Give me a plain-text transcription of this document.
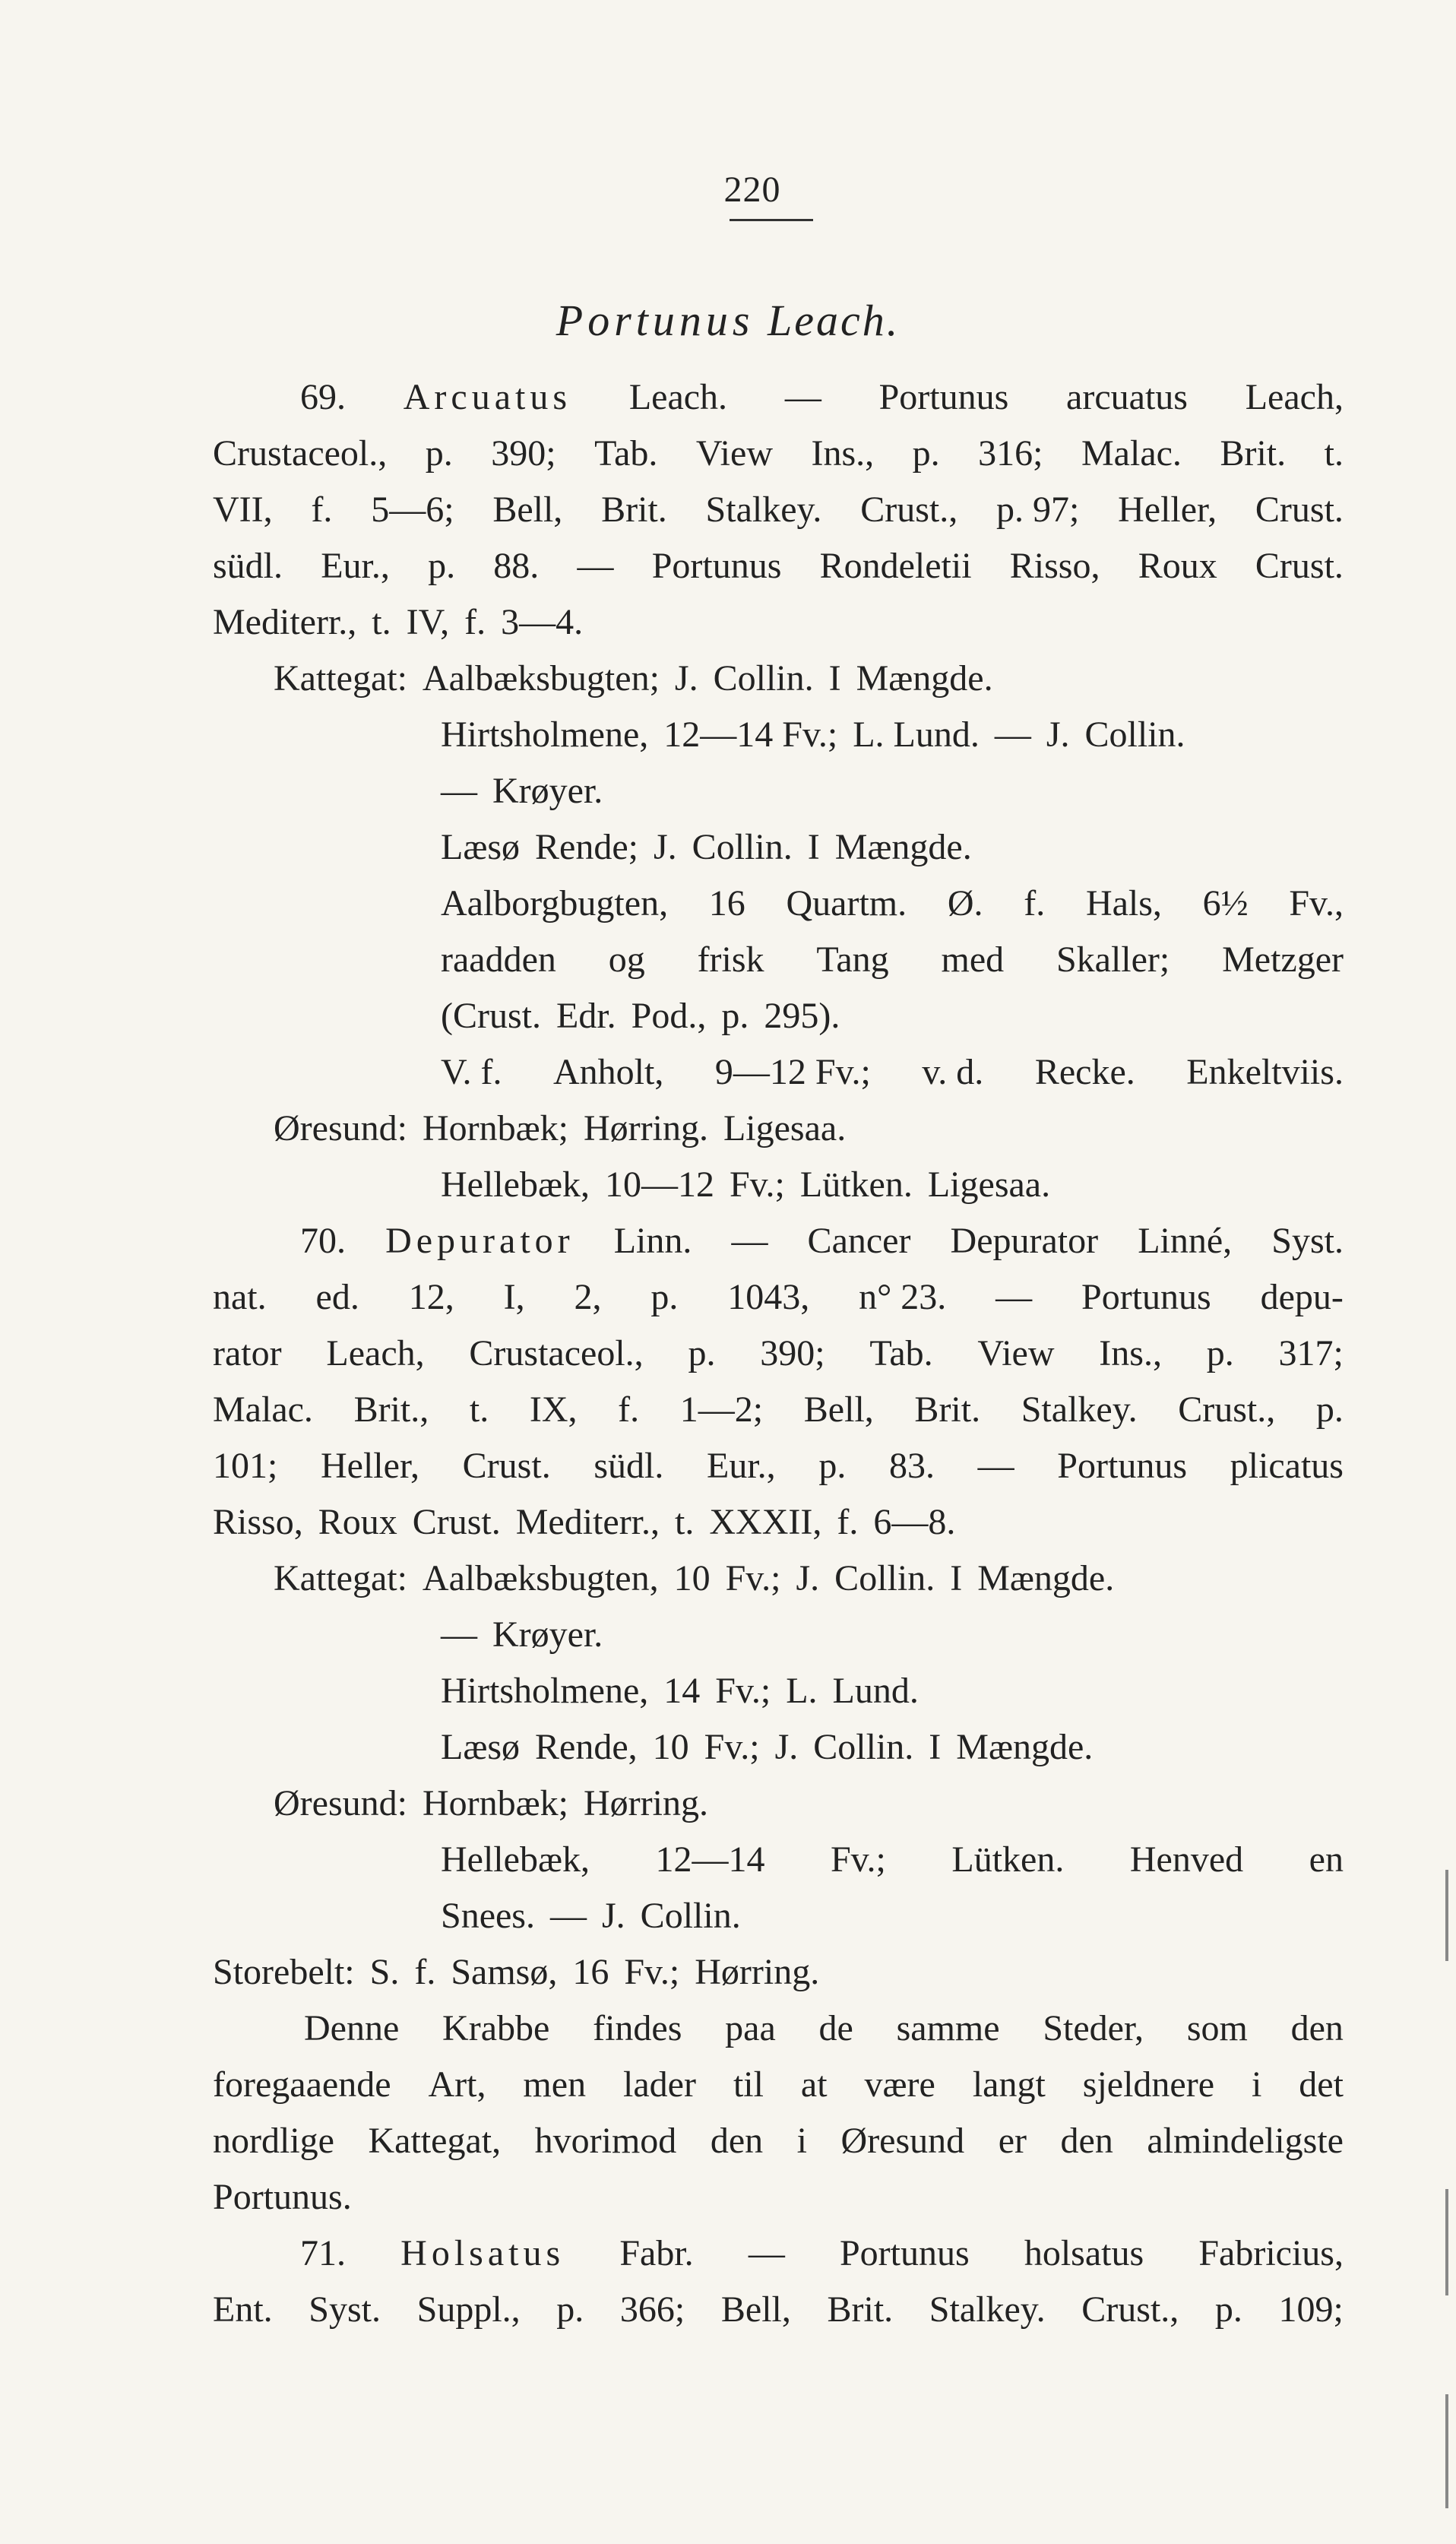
220
Portunus Leach.
69. Arcuatus Leach. — Portunus arcuatus Leach,
Crustaceol., p. 390; Tab. View Ins., p. 316; Malac. Brit. t.
VII, f. 5—6; Bell, Brit. Stalkey. Crust., p. 97; Heller, Crust.
südl. Eur., p. 88. — Portunus Rondeletii Risso, Roux Crust.
Mediterr., t. IV, f. 3—4.
Kattegat: Aalbæksbugten; J. Collin. I Mængde.
Hirtsholmene, 12—14 Fv.; L. Lund. — J. Collin.
— Krøyer.
Læsø Rende; J. Collin. I Mængde.
Aalborgbugten, 16 Quartm. Ø. f. Hals, 6½ Fv.,
raadden og frisk Tang med Skaller; Metzger
(Crust. Edr. Pod., p. 295).
V. f. Anholt, 9—12 Fv.; v. d. Recke. Enkeltviis.
Øresund: Hornbæk; Hørring. Ligesaa.
Hellebæk, 10—12 Fv.; Lütken. Ligesaa.
70. Depurator Linn. — Cancer Depurator Linné, Syst.
nat. ed. 12, I, 2, p. 1043, n° 23. — Portunus depu-
rator Leach, Crustaceol., p. 390; Tab. View Ins., p. 317;
Malac. Brit., t. IX, f. 1—2; Bell, Brit. Stalkey. Crust., p.
101; Heller, Crust. südl. Eur., p. 83. — Portunus plicatus
Risso, Roux Crust. Mediterr., t. XXXII, f. 6—8.
Kattegat: Aalbæksbugten, 10 Fv.; J. Collin. I Mængde.
— Krøyer.
Hirtsholmene, 14 Fv.; L. Lund.
Læsø Rende, 10 Fv.; J. Collin. I Mængde.
Øresund: Hornbæk; Hørring.
Hellebæk, 12—14 Fv.; Lütken. Henved en
Snees. — J. Collin.
Storebelt: S. f. Samsø, 16 Fv.; Hørring.
Denne Krabbe findes paa de samme Steder, som den
foregaaende Art, men lader til at være langt sjeldnere i det
nordlige Kattegat, hvorimod den i Øresund er den almindeligste
Portunus.
71. Holsatus Fabr. — Portunus holsatus Fabricius,
Ent. Syst. Suppl., p. 366; Bell, Brit. Stalkey. Crust., p. 109;
